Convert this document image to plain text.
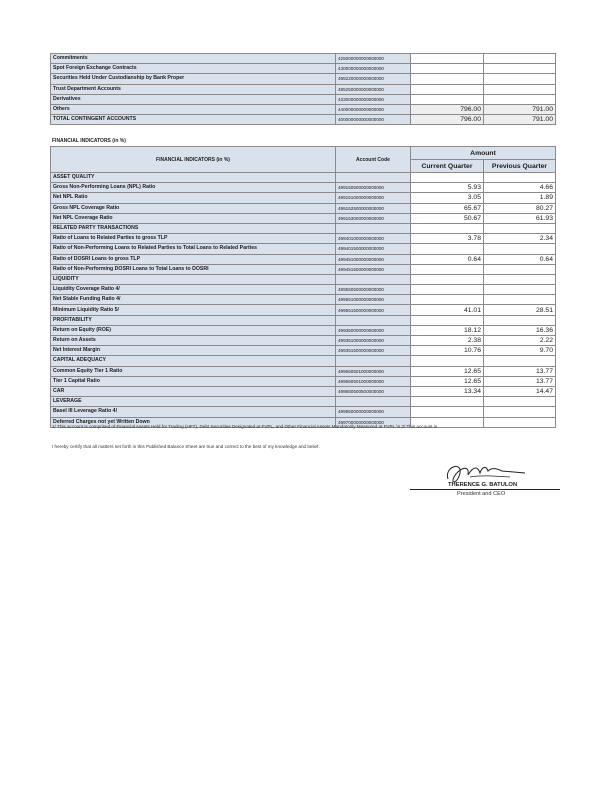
Commitments	425000000000000000		
Spot Foreign Exchange Contracts	430000000000000000		
Securities Held Under Custodianship by Bank Proper	495220000000000000		
Trust Department Accounts	495250000000000000		
Derivatives	433000000000000000		
Others	440000000000000000	796.00	791.00
TOTAL CONTINGENT ACCOUNTS	400000000000000000	796.00	791.00
FINANCIAL INDICATORS (in %)
FINANCIAL INDICATORS (in %)	Account Code	Amount	
		Current Quarter	Previous Quarter
ASSET QUALITY			
Gross Non-Performing Loans (NPL) Ratio	499150500000000000	5.93	4.66
Net NPL Ratio	499151000000000000	3.05	1.89
Gross NPL Coverage Ratio	499152500000000000	65.67	80.27
Net NPL Coverage Ratio	499153000000000000	50.67	61.93
RELATED PARTY TRANSACTIONS			
Ratio of Loans to Related Parties to gross TLP	499401000000000000	3.78	2.34
Ratio of Non-Performing Loans to Related Parties to Total Loans to Related Parties	499401500000000000		
Ratio of DOSRI Loans to gross TLP	499451000000000000	0.64	0.64
Ratio of Non-Performing DOSRI Loans to Total Loans to DOSRI	499451500000000000		
LIQUIDITY			
Liquidity Coverage Ratio 4/	499550500000000000		
Net Stable Funding Ratio 4/	499551000000000000		
Minimum Liquidity Ratio 5/	499551500000000000	41.01	28.51
PROFITABILITY			
Return on Equity (ROE)	499350000000000000	18.12	16.36
Return on Assets	499351000000000000	2.38	2.22
Net Interest Margin	499351500000000000	10.76	9.70
CAPITAL ADEQUACY			
Common Equity Tier 1 Ratio	499650501000000000	12.65	13.77
Tier 1 Capital Ratio	499650501000000000	12.65	13.77
CAR	499650500500000000	13.34	14.47
LEVERAGE			
Basel III Leverage Ratio 4/	499850000000000000		
Deferred Charges not yet Written Down	499700000000000000		
1/ This account is comprised of Financial Assets Held for Trading (HFT), Debt Securities Designated at FVPL, and Other Financial Assets Mandatorily Measured at FVPL.\n 2/ This account is
I hereby certify that all matters set forth in this Published Balance Sheet are true and correct to the best of my knowledge and belief.
THERENCE G. BATULON
President and CEO
